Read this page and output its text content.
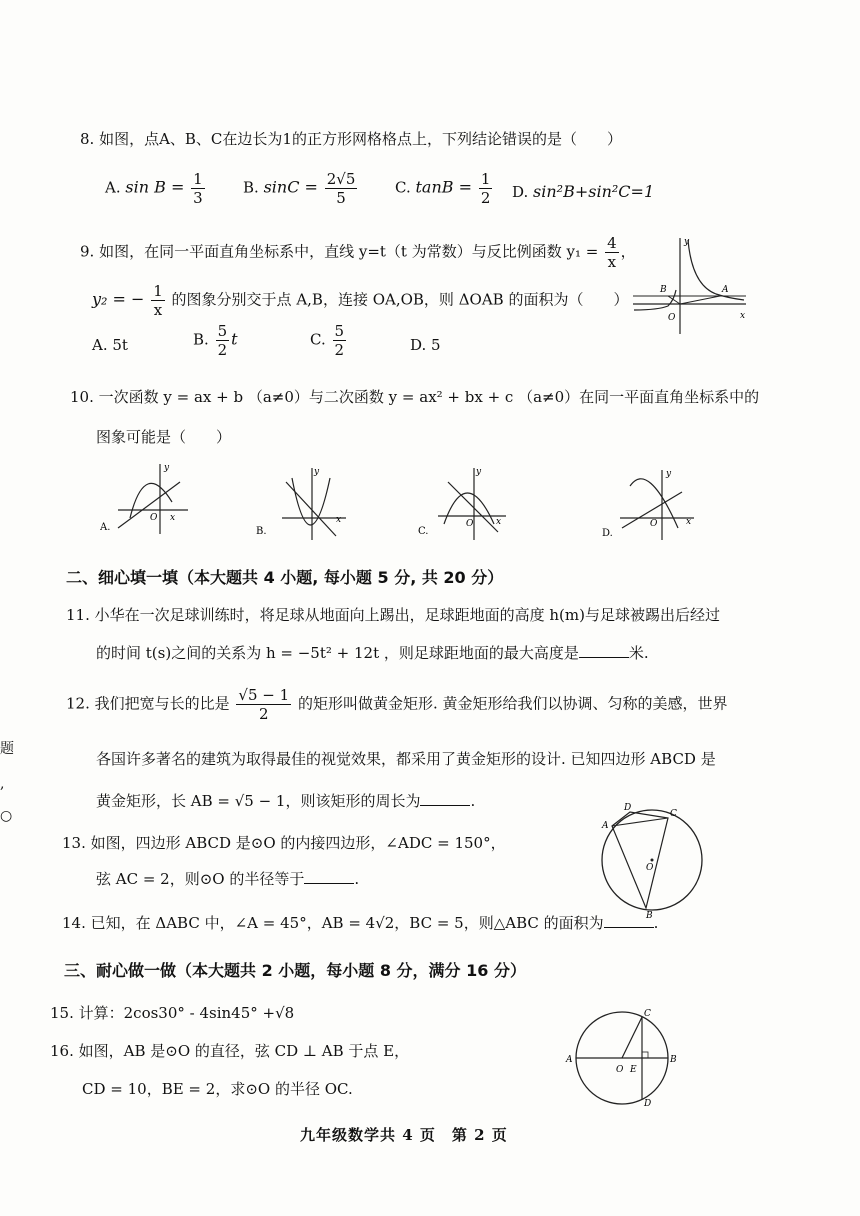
8. 如图，点A、B、C在边长为1的正方形网格格点上，下列结论错误的是（　　）
A. $\sin B = \frac{1}{3}$	B. $\sin C = \frac{2√5}{5}$	C. $\tan B = \frac{1}{2} D$. sin²B+sin²C=1
9. 如图，在同一平面直角坐标系中，直线 y=t（t 为常数）与反比例函数 $y_1 = \frac{4}{x}$ ，
y₂ = − $\frac{1}{x}$ 的图象分别交于点 A,B，连接 OA,OB，则 ΔOAB 的面积为（　　）
A. 5t	B. $\frac{5}{2}$ t	C. $\frac{5}{2}$	D. 5
y
x
O
A
B
10. 一次函数 y = ax + b （a≠0）与二次函数 y = ax² + bx + c （a≠0）在同一平面直角坐标系中的
图象可能是（　　）
y
x
O
A.
y
x
B.
y
x
O
C.
y
x
O
D.
二、细心填一填（本大题共 4 小题, 每小题 5 分, 共 20 分）
11. 小华在一次足球训练时，将足球从地面向上踢出，足球距地面的高度 h(m)与足球被踢出后经过
的时间 t(s)之间的关系为 h = −5t² + 12t ，则足球距地面的最大高度是	米.
12. 我们把宽与长的比是 $\frac{√5 - 1}{2}$ 的矩形叫做黄金矩形. 黄金矩形给我们以协调、匀称的美感，世界
各国许多著名的建筑为取得最佳的视觉效果，都采用了黄金矩形的设计. 已知四边形 ABCD 是
黄金矩形，长 AB = √5 − 1，则该矩形的周长为	.
13. 如图，四边形 ABCD 是⊙O 的内接四边形，∠ADC = 150°，
弦 AC = 2，则⊙O 的半径等于	.
A
D
C
B
O
14. 已知，在 ΔABC 中，∠A = 45°，AB = 4√2，BC = 5，则△ABC 的面积为	.
三、耐心做一做（本大题共 2 小题，每小题 8 分，满分 16 分）
15. 计算：2cos30° - 4sin45° +√8
16. 如图，AB 是⊙O 的直径，弦 CD ⊥ AB 于点 E，
CD = 10，BE = 2，求⊙O 的半径 OC.
A	B
C
D
O E
题
,
○
九年级数学共 4 页　第 2 页
